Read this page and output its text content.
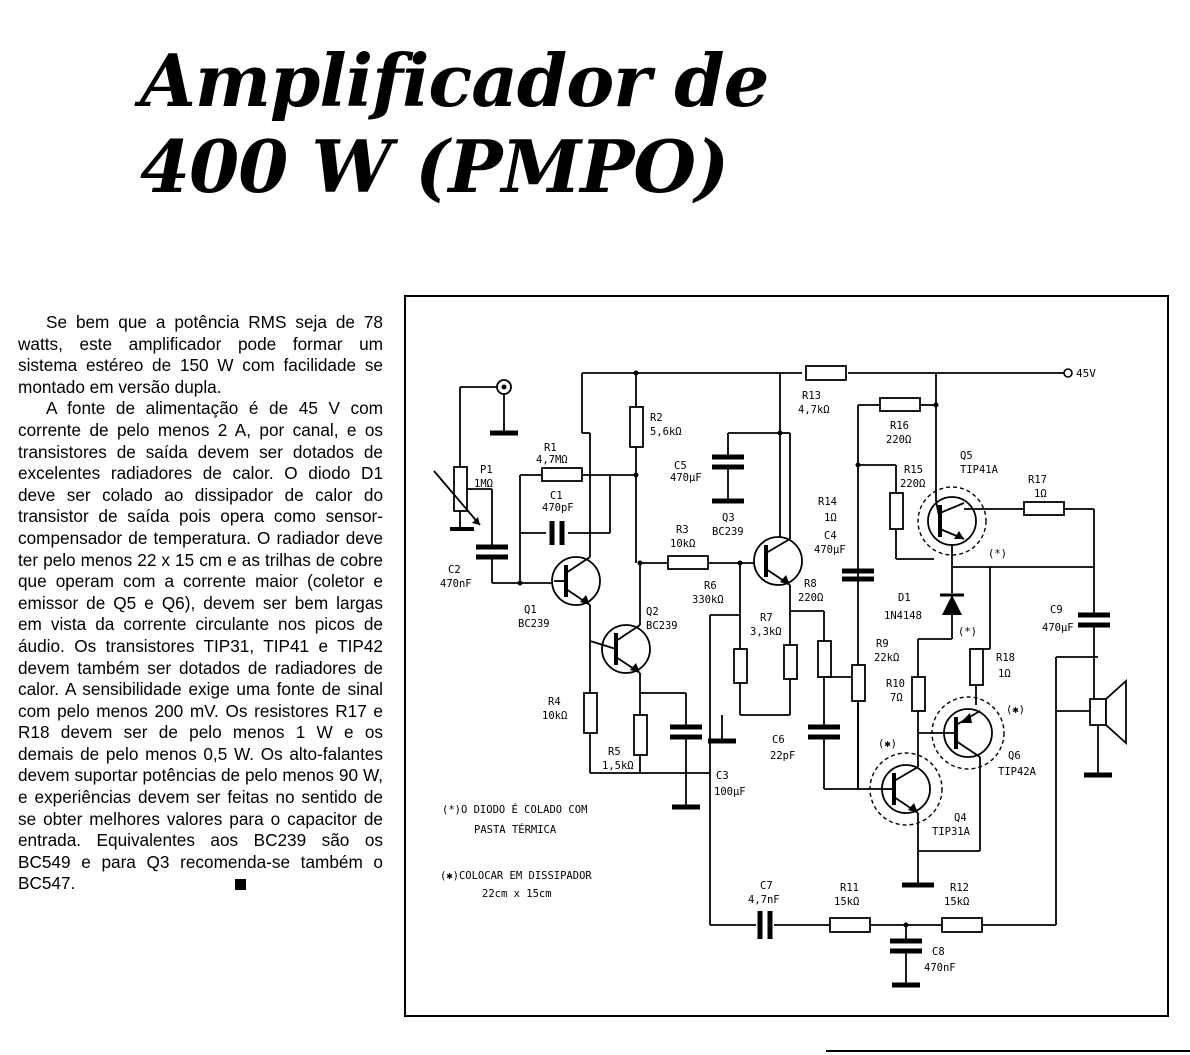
Amplificador de
400 W (PMPO)

Se bem que a potência RMS seja de 78 watts, este amplificador pode formar um sistema estéreo de 150 W com facilidade se montado em versão dupla.

A fonte de alimentação é de 45 V com corrente de pelo menos 2 A, por canal, e os transistores de saída devem ser dotados de excelentes radiadores de calor. O diodo D1 deve ser colado ao dissipador de calor do transistor de saída pois opera como sensor-compensador de temperatura. O radiador deve ter pelo menos 22 x 15 cm e as trilhas de cobre que operam com a corrente maior (coletor e emissor de Q5 e Q6), devem ser bem largas em vista da corrente circulante nos picos de áudio. Os transistores TIP31, TIP41 e TIP42 devem também ser dotados de radiadores de calor. A sensibilidade exige uma fonte de sinal com pelo menos 200 mV. Os resistores R17 e R18 devem ser de pelo menos 1 W e os demais de pelo menos 0,5 W. Os alto-falantes devem suportar potências de pelo menos 90 W, e experiências devem ser feitas no sentido de se obter melhores valores para o capacitor de entrada. Equivalentes aos BC239 são os BC549 e para Q3 recomenda-se também o BC547.

45V
P1
1MΩ
C2
470nF
R1
4,7MΩ
C1
470pF
Q1
BC239
R2
5,6kΩ
Q2
BC239
R4
10kΩ
R5
1,5kΩ
C3
100μF
C5
470μF
R3
10kΩ
Q3
BC239
R6
330kΩ
R7
3,3kΩ
R8
220Ω
C6
22pF
R13
4,7kΩ
R16
220Ω
R14
1Ω
C4
470μF
R15
220Ω
Q5
TIP41A
(*)
R17
1Ω
D1
1N4148
(*)
C9
470μF
R9
22kΩ
R10
7Ω
R18
1Ω
(✱)
Q6
TIP42A
(✱)
Q4
TIP31A
C7
4,7nF
R11
15kΩ
R12
15kΩ
C8
470nF
(*)O DIODO É COLADO COM
PASTA TÉRMICA
(✱)COLOCAR EM DISSIPADOR
22cm x 15cm
